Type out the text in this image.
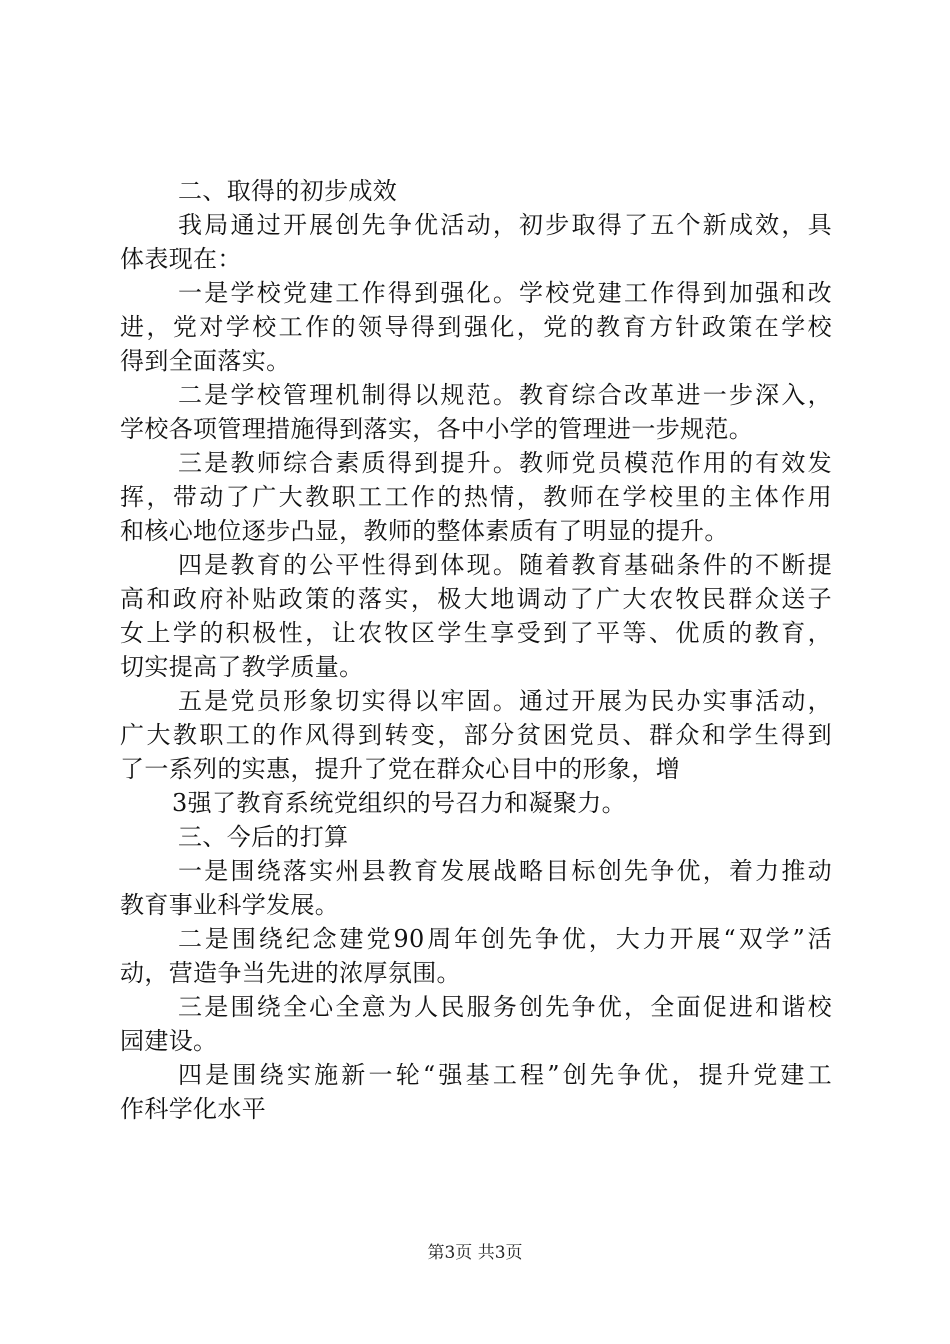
二、取得的初步成效
我局通过开展创先争优活动，初步取得了五个新成效，具
体表现在：
一是学校党建工作得到强化。学校党建工作得到加强和改
进，党对学校工作的领导得到强化，党的教育方针政策在学校
得到全面落实。
二是学校管理机制得以规范。教育综合改革进一步深入，
学校各项管理措施得到落实，各中小学的管理进一步规范。
三是教师综合素质得到提升。教师党员模范作用的有效发
挥，带动了广大教职工工作的热情，教师在学校里的主体作用
和核心地位逐步凸显，教师的整体素质有了明显的提升。
四是教育的公平性得到体现。随着教育基础条件的不断提
高和政府补贴政策的落实，极大地调动了广大农牧民群众送子
女上学的积极性，让农牧区学生享受到了平等、优质的教育，
切实提高了教学质量。
五是党员形象切实得以牢固。通过开展为民办实事活动，
广大教职工的作风得到转变，部分贫困党员、群众和学生得到
了一系列的实惠，提升了党在群众心目中的形象，增
3强了教育系统党组织的号召力和凝聚力。
三、今后的打算
一是围绕落实州县教育发展战略目标创先争优，着力推动
教育事业科学发展。
二是围绕纪念建党90周年创先争优，大力开展“双学”活
动，营造争当先进的浓厚氛围。
三是围绕全心全意为人民服务创先争优，全面促进和谐校
园建设。
四是围绕实施新一轮“强基工程”创先争优，提升党建工
作科学化水平
第3页 共3页
